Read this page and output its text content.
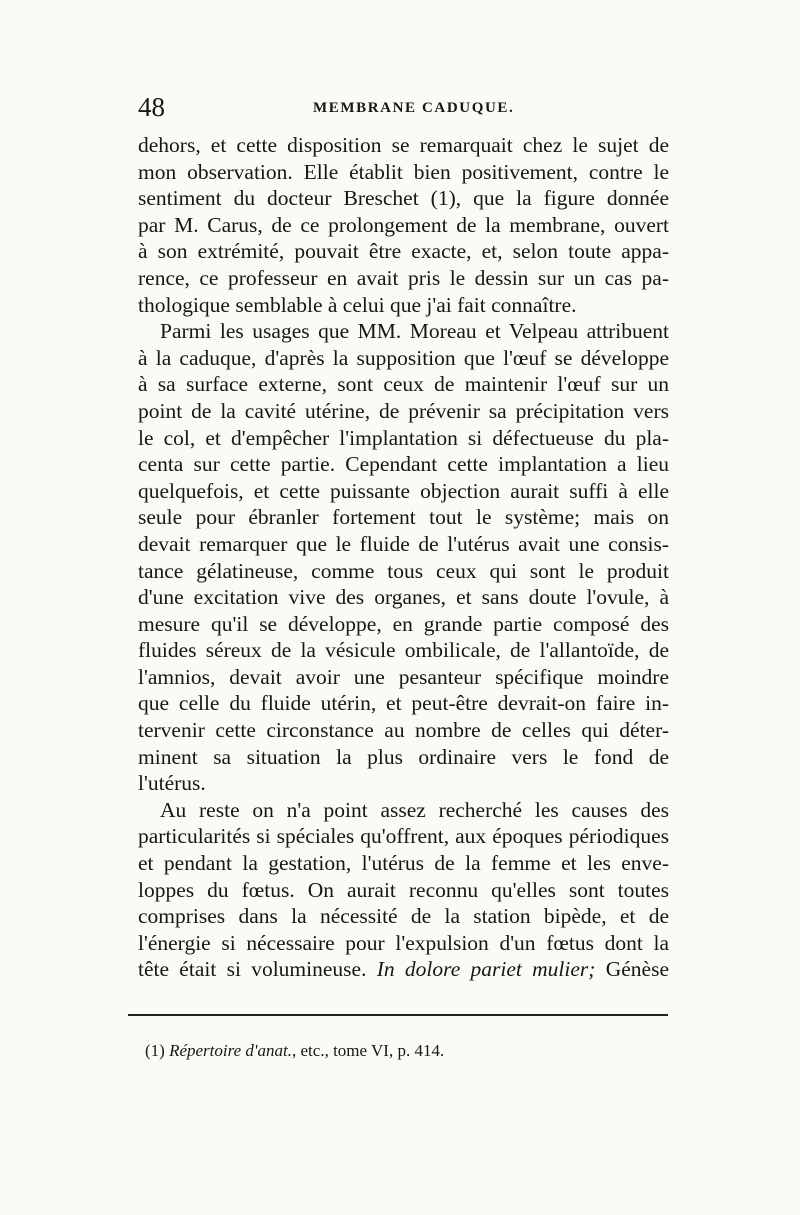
48	MEMBRANE CADUQUE.
dehors, et cette disposition se remarquait chez le sujet de
mon observation. Elle établit bien positivement, contre le
sentiment du docteur Breschet (1), que la figure donnée
par M. Carus, de ce prolongement de la membrane, ouvert
à son extrémité, pouvait être exacte, et, selon toute appa-
rence, ce professeur en avait pris le dessin sur un cas pa-
thologique semblable à celui que j'ai fait connaître.
Parmi les usages que MM. Moreau et Velpeau attribuent
à la caduque, d'après la supposition que l'œuf se développe
à sa surface externe, sont ceux de maintenir l'œuf sur un
point de la cavité utérine, de prévenir sa précipitation vers
le col, et d'empêcher l'implantation si défectueuse du pla-
centa sur cette partie. Cependant cette implantation a lieu
quelquefois, et cette puissante objection aurait suffi à elle
seule pour ébranler fortement tout le système; mais on
devait remarquer que le fluide de l'utérus avait une consis-
tance gélatineuse, comme tous ceux qui sont le produit
d'une excitation vive des organes, et sans doute l'ovule, à
mesure qu'il se développe, en grande partie composé des
fluides séreux de la vésicule ombilicale, de l'allantoïde, de
l'amnios, devait avoir une pesanteur spécifique moindre
que celle du fluide utérin, et peut-être devrait-on faire in-
tervenir cette circonstance au nombre de celles qui déter-
minent sa situation la plus ordinaire vers le fond de
l'utérus.
Au reste on n'a point assez recherché les causes des
particularités si spéciales qu'offrent, aux époques périodiques
et pendant la gestation, l'utérus de la femme et les enve-
loppes du fœtus. On aurait reconnu qu'elles sont toutes
comprises dans la nécessité de la station bipède, et de
l'énergie si nécessaire pour l'expulsion d'un fœtus dont la
tête était si volumineuse. In dolore pariet mulier; Génèse
(1) Répertoire d'anat., etc., tome VI, p. 414.
